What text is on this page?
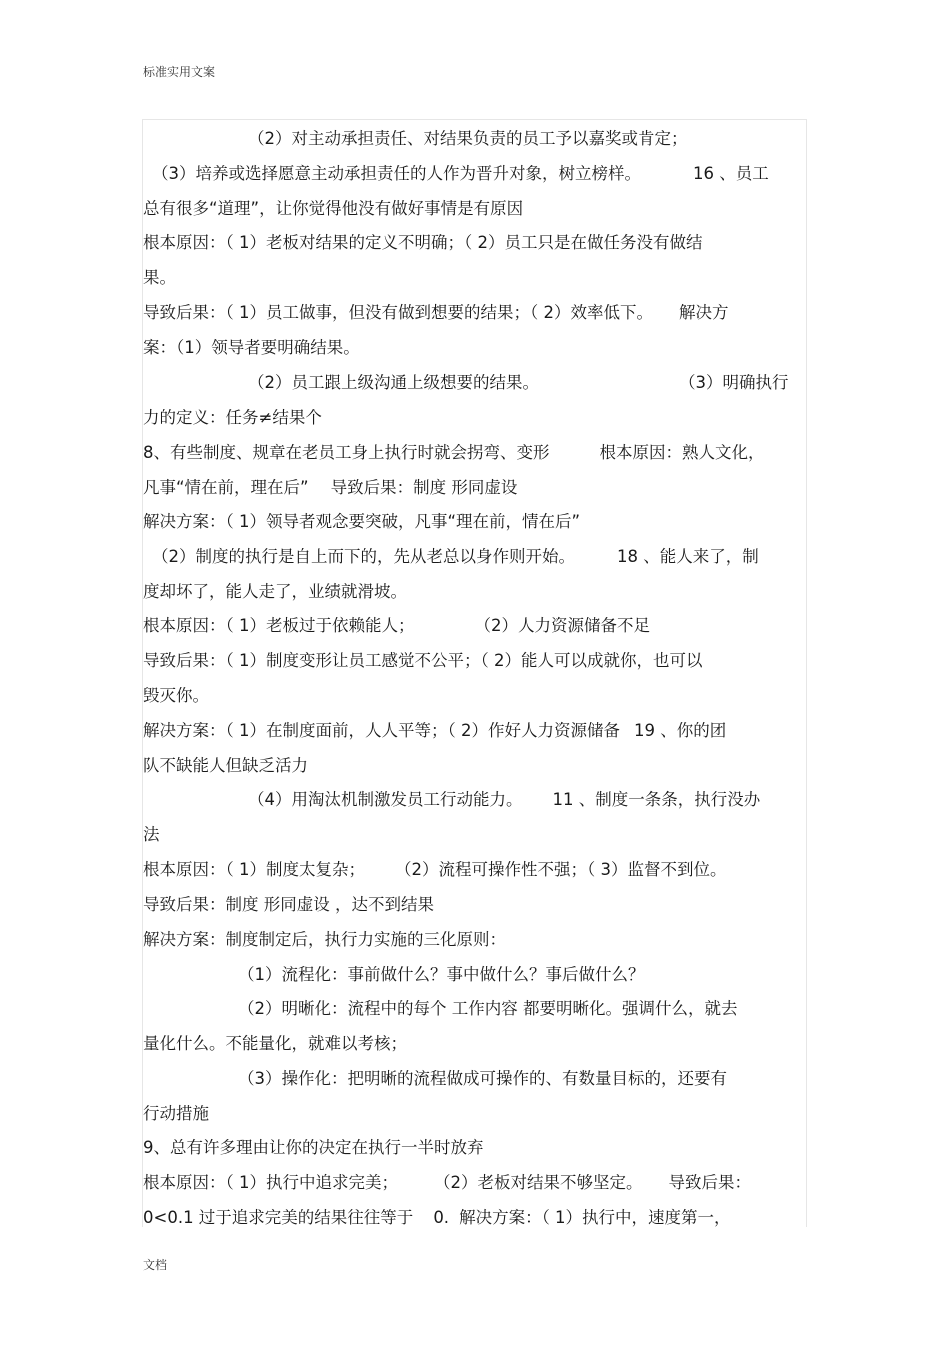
标准实用文案
（2）对主动承担责任、对结果负责的员工予以嘉奖或肯定；
（3）培养或选择愿意主动承担责任的人作为晋升对象，树立榜样。	16 、员工
总有很多“道理”，让你觉得他没有做好事情是有原因
根本原因：（ 1）老板对结果的定义不明确；（ 2）员工只是在做任务没有做结
果。
导致后果：（ 1）员工做事，但没有做到想要的结果；（ 2）效率低下。 解决方
案：（1）领导者要明确结果。
（2）员工跟上级沟通上级想要的结果。	（3）明确执行
力的定义：任务≠结果个
8、有些制度、规章在老员工身上执行时就会拐弯、变形	根本原因：熟人文化，
凡事“情在前，理在后” 导致后果：制度 形同虚设
解决方案：（ 1）领导者观念要突破，凡事“理在前，情在后”
（2）制度的执行是自上而下的，先从老总以身作则开始。	18 、能人来了，制
度却坏了，能人走了，业绩就滑坡。
根本原因：（ 1）老板过于依赖能人；	（2）人力资源储备不足
导致后果：（ 1）制度变形让员工感觉不公平；（ 2）能人可以成就你，也可以
毁灭你。
解决方案：（ 1）在制度面前，人人平等；（ 2）作好人力资源储备 19 、你的团
队不缺能人但缺乏活力
（4）用淘汰机制激发员工行动能力。 11 、制度一条条，执行没办
法
根本原因：（ 1）制度太复杂； （2）流程可操作性不强；（ 3）监督不到位。
导致后果：制度 形同虚设 ，达不到结果
解决方案：制度制定后，执行力实施的三化原则：
（1）流程化：事前做什么？事中做什么？事后做什么？
（2）明晰化：流程中的每个 工作内容 都要明晰化。强调什么，就去
量化什么。不能量化，就难以考核；
（3）操作化：把明晰的流程做成可操作的、有数量目标的，还要有
行动措施
9、总有许多理由让你的决定在执行一半时放弃
根本原因：（ 1）执行中追求完美； （2）老板对结果不够坚定。 导致后果：
0<0.1 过于追求完美的结果往往等于 0. 解决方案：（ 1）执行中，速度第一，
文档
